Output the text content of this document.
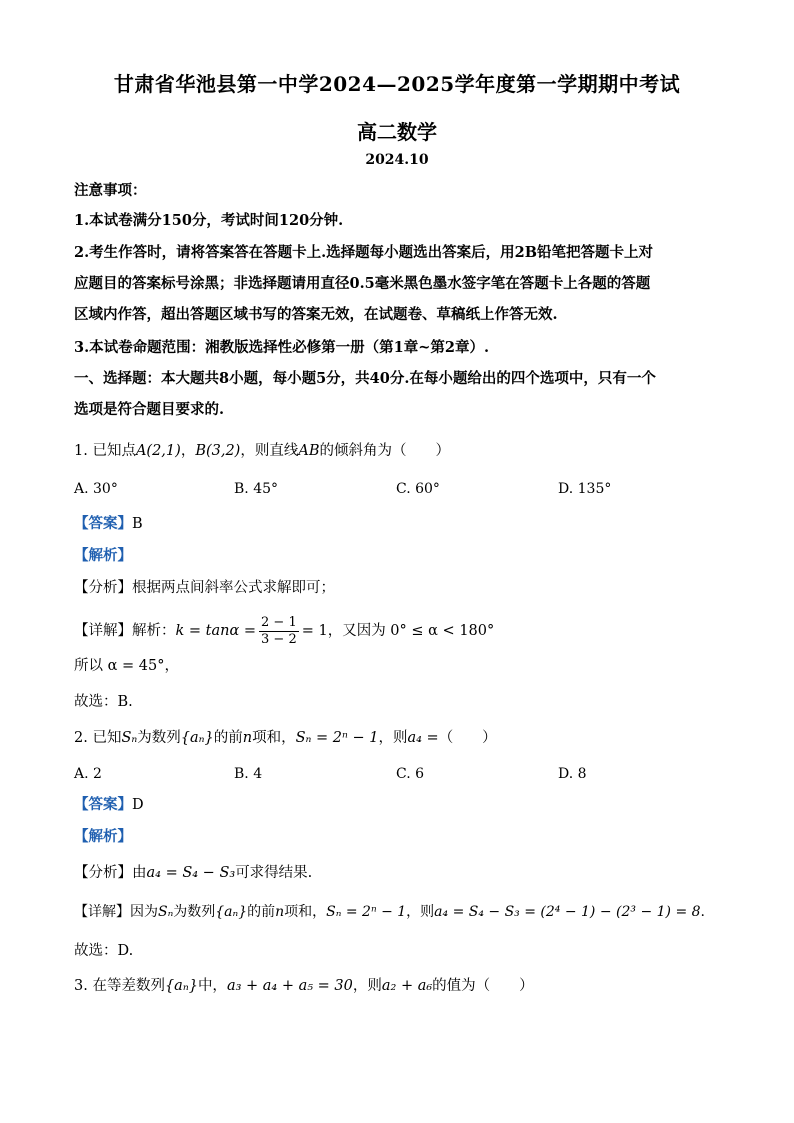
甘肃省华池县第一中学2024—2025学年度第一学期期中考试
高二数学
2024.10
注意事项：
1.本试卷满分150分，考试时间120分钟.
2.考生作答时，请将答案答在答题卡上.选择题每小题选出答案后，用2B铅笔把答题卡上对
应题目的答案标号涂黑；非选择题请用直径0.5毫米黑色墨水签字笔在答题卡上各题的答题
区域内作答，超出答题区域书写的答案无效，在试题卷、草稿纸上作答无效.
3.本试卷命题范围：湘教版选择性必修第一册（第1章~第2章）.
一、选择题：本大题共8小题，每小题5分，共40分.在每小题给出的四个选项中，只有一个
选项是符合题目要求的.
1. 已知点A(2,1)，B(3,2)，则直线AB的倾斜角为（　　）
A. 30°	B. 45°	C. 60°	D. 135°
【答案】B
【解析】
【分析】根据两点间斜率公式求解即可；
【详解】解析：$k = \tan\alpha = \frac{2 - 1}{3 - 2} = 1$，又因为 0° ≤ α < 180°
所以 α = 45°，
故选：B.
2. 已知Sₙ为数列{aₙ}的前n项和，Sₙ = 2ⁿ − 1，则a₄ =（　　）
A. 2	B. 4	C. 6	D. 8
【答案】D
【解析】
【分析】由a₄ = S₄ − S₃可求得结果.
【详解】因为Sₙ为数列{aₙ}的前n项和，Sₙ = 2ⁿ − 1，则a₄ = S₄ − S₃ = (2⁴ − 1) − (2³ − 1) = 8.
故选：D.
3. 在等差数列{aₙ}中，a₃ + a₄ + a₅ = 30，则a₂ + a₆的值为（　　）
